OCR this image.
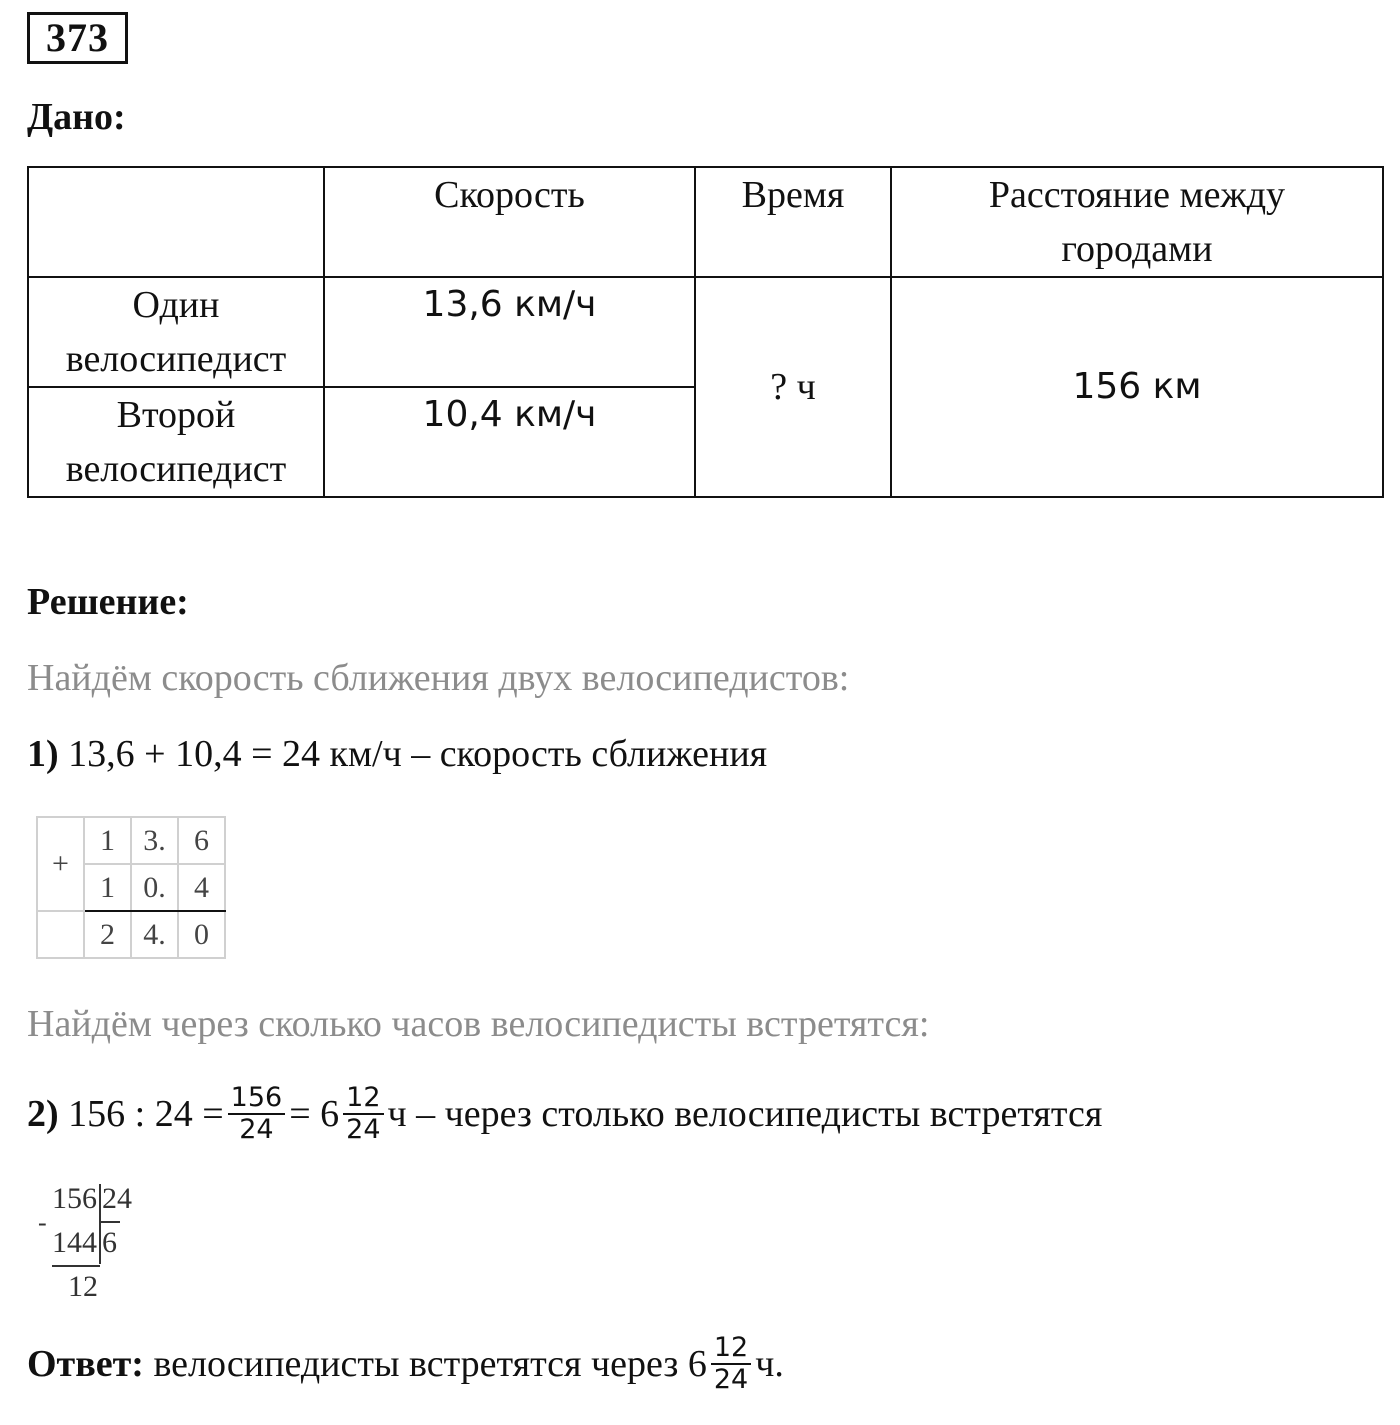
373
Дано:
	Скорость	Время	Расстояние между
городами
Один
велосипедист	13,6 км/ч	? ч	156 км
Второй
велосипедист	10,4 км/ч		
Решение:
Найдём скорость сближения двух велосипедистов:
1) 13,6 + 10,4 = 24 км/ч – скорость сближения
+	1	3.	6
	1	0.	4
	2	4.	0
Найдём через сколько часов велосипедисты встретятся:
2)
156 : $24 = \frac{156}{24} = 6 \frac{12}{24}$ ч – через столько велосипедисты встретятся
156 24
-
144 6
12
Ответ:
велосипедисты встретятся через $6 \frac{12}{24} ч$.
